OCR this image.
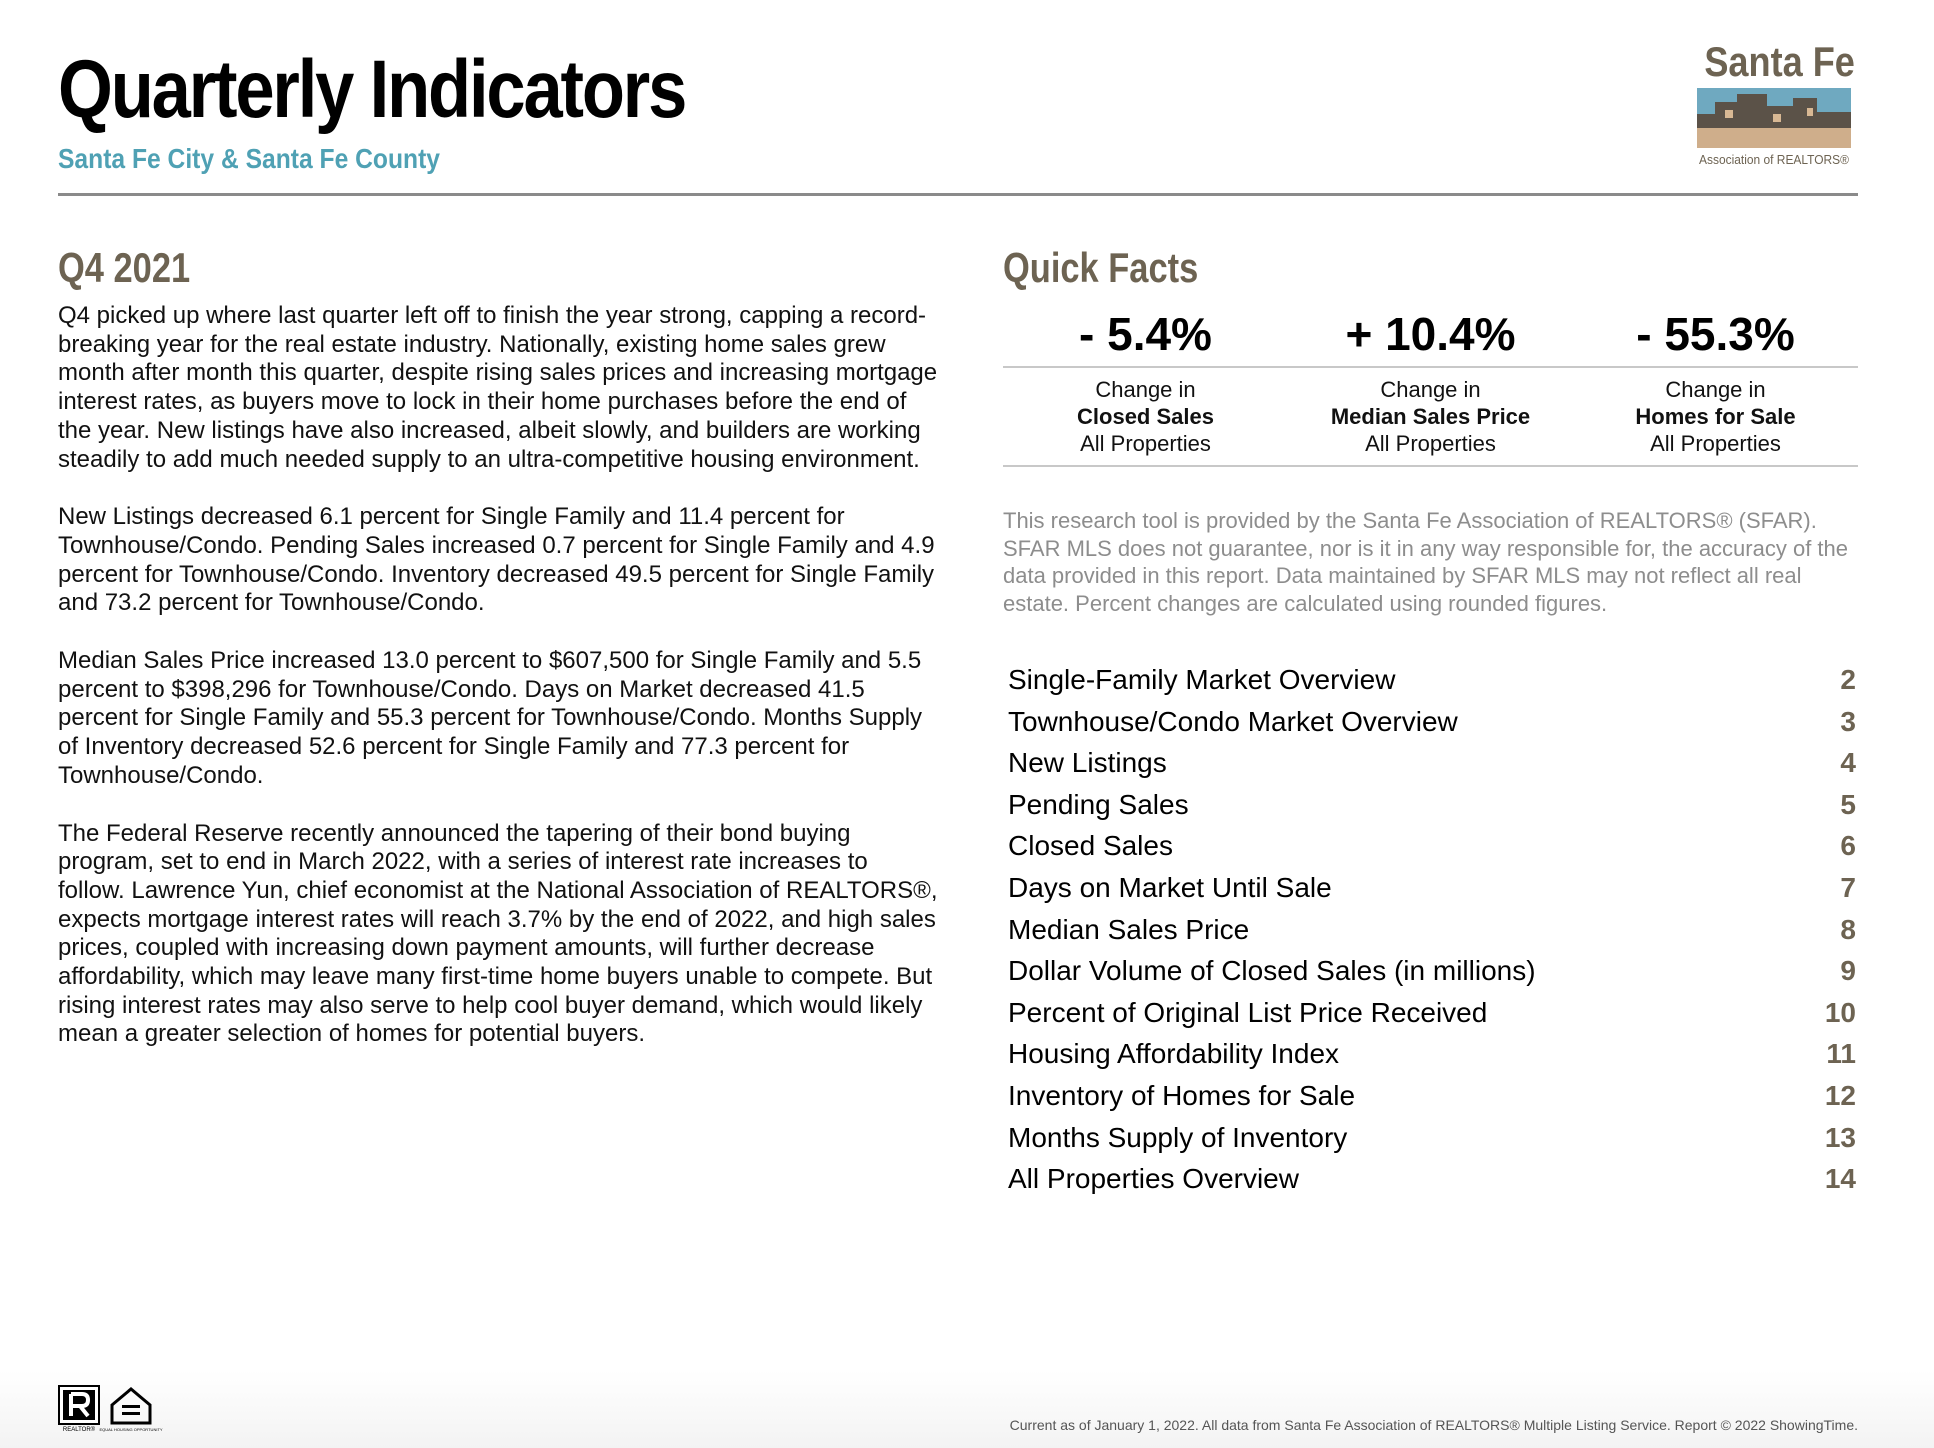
Quarterly Indicators
Santa Fe City & Santa Fe County
Santa Fe
Association of REALTORS®
Q4 2021

Q4 picked up where last quarter left off to finish the year strong, capping a record-breaking year for the real estate industry. Nationally, existing home sales grew month after month this quarter, despite rising sales prices and increasing mortgage interest rates, as buyers move to lock in their home purchases before the end of the year. New listings have also increased, albeit slowly, and builders are working steadily to add much needed supply to an ultra-competitive housing environment.

New Listings decreased 6.1 percent for Single Family and 11.4 percent for Townhouse/Condo. Pending Sales increased 0.7 percent for Single Family and 4.9 percent for Townhouse/Condo. Inventory decreased 49.5 percent for Single Family and 73.2 percent for Townhouse/Condo.

Median Sales Price increased 13.0 percent to $607,500 for Single Family and 5.5 percent to $398,296 for Townhouse/Condo. Days on Market decreased 41.5 percent for Single Family and 55.3 percent for Townhouse/Condo. Months Supply of Inventory decreased 52.6 percent for Single Family and 77.3 percent for Townhouse/Condo.

The Federal Reserve recently announced the tapering of their bond buying program, set to end in March 2022, with a series of interest rate increases to follow. Lawrence Yun, chief economist at the National Association of REALTORS®, expects mortgage interest rates will reach 3.7% by the end of 2022, and high sales prices, coupled with increasing down payment amounts, will further decrease affordability, which may leave many first-time home buyers unable to compete. But rising interest rates may also serve to help cool buyer demand, which would likely mean a greater selection of homes for potential buyers.

Quick Facts
- 5.4%	+ 10.4%	- 55.3%
Change in
Closed Sales
All Properties
Change in
Median Sales Price
All Properties
Change in
Homes for Sale
All Properties

This research tool is provided by the Santa Fe Association of REALTORS® (SFAR). SFAR MLS does not guarantee, nor is it in any way responsible for, the accuracy of the data provided in this report. Data maintained by SFAR MLS may not reflect all real estate. Percent changes are calculated using rounded figures.

Single-Family Market Overview	2
Townhouse/Condo Market Overview	3
New Listings	4
Pending Sales	5
Closed Sales	6
Days on Market Until Sale	7
Median Sales Price	8
Dollar Volume of Closed Sales (in millions)	9
Percent of Original List Price Received	10
Housing Affordability Index	11
Inventory of Homes for Sale	12
Months Supply of Inventory	13
All Properties Overview	14
REALTOR® EQUAL HOUSING OPPORTUNITY	Current as of January 1, 2022. All data from Santa Fe Association of REALTORS® Multiple Listing Service. Report © 2022 ShowingTime.
